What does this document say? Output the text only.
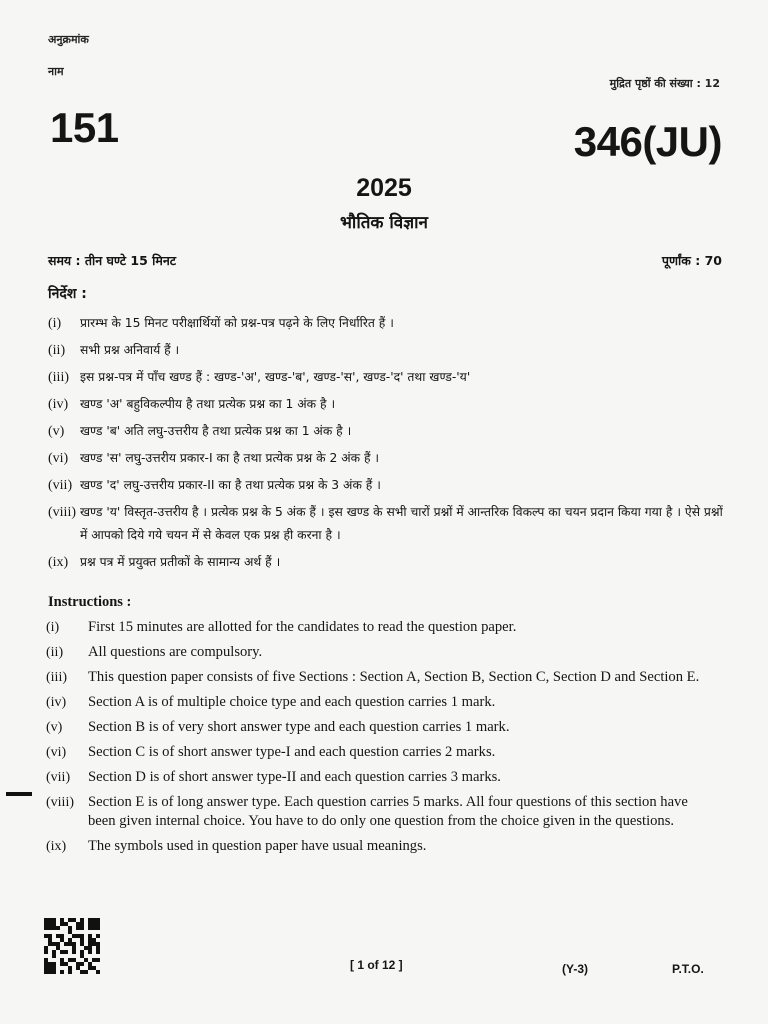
अनुक्रमांक
नाम
मुद्रित पृष्ठों की संख्या : 12
151	346(JU)
2025
भौतिक विज्ञान
समय : तीन घण्टे 15 मिनट	पूर्णांक : 70
निर्देश :
(i)	प्रारम्भ के 15 मिनट परीक्षार्थियों को प्रश्न-पत्र पढ़ने के लिए निर्धारित हैं ।
(ii)	सभी प्रश्न अनिवार्य हैं ।
(iii) इस प्रश्न-पत्र में पाँच खण्ड हैं : खण्ड-'अ', खण्ड-'ब', खण्ड-'स', खण्ड-'द' तथा खण्ड-'य'
(iv) खण्ड 'अ' बहुविकल्पीय है तथा प्रत्येक प्रश्न का 1 अंक है ।
(v)	खण्ड 'ब' अति लघु-उत्तरीय है तथा प्रत्येक प्रश्न का 1 अंक है ।
(vi) खण्ड 'स' लघु-उत्तरीय प्रकार-I का है तथा प्रत्येक प्रश्न के 2 अंक हैं ।
(vii) खण्ड 'द' लघु-उत्तरीय प्रकार-II का है तथा प्रत्येक प्रश्न के 3 अंक हैं ।
(viii) खण्ड 'य' विस्तृत-उत्तरीय है । प्रत्येक प्रश्न के 5 अंक हैं । इस खण्ड के सभी चारों प्रश्नों में आन्तरिक विकल्प का चयन प्रदान किया गया है । ऐसे प्रश्नों में आपको दिये गये चयन में से केवल एक प्रश्न ही करना है ।
(ix) प्रश्न पत्र में प्रयुक्त प्रतीकों के सामान्य अर्थ हैं ।
Instructions :
(i)	First 15 minutes are allotted for the candidates to read the question paper.
(ii)	All questions are compulsory.
(iii)	This question paper consists of five Sections : Section A, Section B, Section C, Section D and Section E.
(iv)	Section A is of multiple choice type and each question carries 1 mark.
(v)	Section B is of very short answer type and each question carries 1 mark.
(vi)	Section C is of short answer type-I and each question carries 2 marks.
(vii)	Section D is of short answer type-II and each question carries 3 marks.
(viii) Section E is of long answer type. Each question carries 5 marks. All four questions of this section have been given internal choice. You have to do only one question from the choice given in the questions.
(ix)	The symbols used in question paper have usual meanings.
[ 1 of 12 ]	(Y-3)	P.T.O.
